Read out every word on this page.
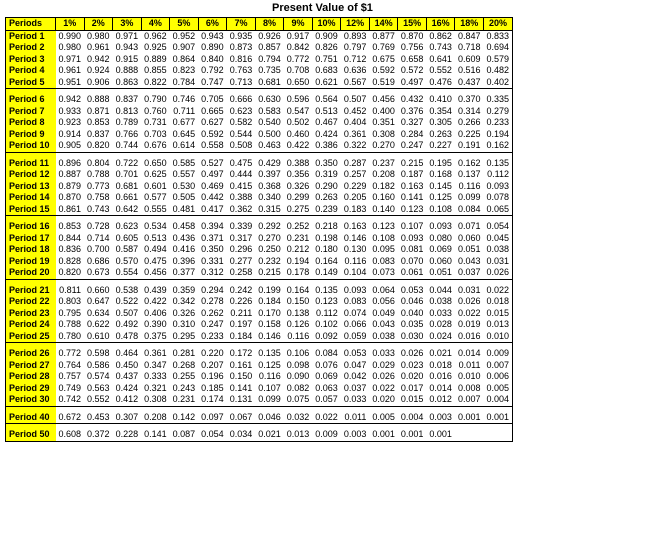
Present Value of $1
Periods	1%	2%	3%	4%	5%	6%	7%	8%	9%	10%	12%	14%	15%	16%	18%	20%
Period 1	0.990	0.980	0.971	0.962	0.952	0.943	0.935	0.926	0.917	0.909	0.893	0.877	0.870	0.862	0.847	0.833
Period 2	0.980	0.961	0.943	0.925	0.907	0.890	0.873	0.857	0.842	0.826	0.797	0.769	0.756	0.743	0.718	0.694
Period 3	0.971	0.942	0.915	0.889	0.864	0.840	0.816	0.794	0.772	0.751	0.712	0.675	0.658	0.641	0.609	0.579
Period 4	0.961	0.924	0.888	0.855	0.823	0.792	0.763	0.735	0.708	0.683	0.636	0.592	0.572	0.552	0.516	0.482
Period 5	0.951	0.906	0.863	0.822	0.784	0.747	0.713	0.681	0.650	0.621	0.567	0.519	0.497	0.476	0.437	0.402

Period 6	0.942	0.888	0.837	0.790	0.746	0.705	0.666	0.630	0.596	0.564	0.507	0.456	0.432	0.410	0.370	0.335
Period 7	0.933	0.871	0.813	0.760	0.711	0.665	0.623	0.583	0.547	0.513	0.452	0.400	0.376	0.354	0.314	0.279
Period 8	0.923	0.853	0.789	0.731	0.677	0.627	0.582	0.540	0.502	0.467	0.404	0.351	0.327	0.305	0.266	0.233
Period 9	0.914	0.837	0.766	0.703	0.645	0.592	0.544	0.500	0.460	0.424	0.361	0.308	0.284	0.263	0.225	0.194
Period 10	0.905	0.820	0.744	0.676	0.614	0.558	0.508	0.463	0.422	0.386	0.322	0.270	0.247	0.227	0.191	0.162

Period 11	0.896	0.804	0.722	0.650	0.585	0.527	0.475	0.429	0.388	0.350	0.287	0.237	0.215	0.195	0.162	0.135
Period 12	0.887	0.788	0.701	0.625	0.557	0.497	0.444	0.397	0.356	0.319	0.257	0.208	0.187	0.168	0.137	0.112
Period 13	0.879	0.773	0.681	0.601	0.530	0.469	0.415	0.368	0.326	0.290	0.229	0.182	0.163	0.145	0.116	0.093
Period 14	0.870	0.758	0.661	0.577	0.505	0.442	0.388	0.340	0.299	0.263	0.205	0.160	0.141	0.125	0.099	0.078
Period 15	0.861	0.743	0.642	0.555	0.481	0.417	0.362	0.315	0.275	0.239	0.183	0.140	0.123	0.108	0.084	0.065

Period 16	0.853	0.728	0.623	0.534	0.458	0.394	0.339	0.292	0.252	0.218	0.163	0.123	0.107	0.093	0.071	0.054
Period 17	0.844	0.714	0.605	0.513	0.436	0.371	0.317	0.270	0.231	0.198	0.146	0.108	0.093	0.080	0.060	0.045
Period 18	0.836	0.700	0.587	0.494	0.416	0.350	0.296	0.250	0.212	0.180	0.130	0.095	0.081	0.069	0.051	0.038
Period 19	0.828	0.686	0.570	0.475	0.396	0.331	0.277	0.232	0.194	0.164	0.116	0.083	0.070	0.060	0.043	0.031
Period 20	0.820	0.673	0.554	0.456	0.377	0.312	0.258	0.215	0.178	0.149	0.104	0.073	0.061	0.051	0.037	0.026

Period 21	0.811	0.660	0.538	0.439	0.359	0.294	0.242	0.199	0.164	0.135	0.093	0.064	0.053	0.044	0.031	0.022
Period 22	0.803	0.647	0.522	0.422	0.342	0.278	0.226	0.184	0.150	0.123	0.083	0.056	0.046	0.038	0.026	0.018
Period 23	0.795	0.634	0.507	0.406	0.326	0.262	0.211	0.170	0.138	0.112	0.074	0.049	0.040	0.033	0.022	0.015
Period 24	0.788	0.622	0.492	0.390	0.310	0.247	0.197	0.158	0.126	0.102	0.066	0.043	0.035	0.028	0.019	0.013
Period 25	0.780	0.610	0.478	0.375	0.295	0.233	0.184	0.146	0.116	0.092	0.059	0.038	0.030	0.024	0.016	0.010

Period 26	0.772	0.598	0.464	0.361	0.281	0.220	0.172	0.135	0.106	0.084	0.053	0.033	0.026	0.021	0.014	0.009
Period 27	0.764	0.586	0.450	0.347	0.268	0.207	0.161	0.125	0.098	0.076	0.047	0.029	0.023	0.018	0.011	0.007
Period 28	0.757	0.574	0.437	0.333	0.255	0.196	0.150	0.116	0.090	0.069	0.042	0.026	0.020	0.016	0.010	0.006
Period 29	0.749	0.563	0.424	0.321	0.243	0.185	0.141	0.107	0.082	0.063	0.037	0.022	0.017	0.014	0.008	0.005
Period 30	0.742	0.552	0.412	0.308	0.231	0.174	0.131	0.099	0.075	0.057	0.033	0.020	0.015	0.012	0.007	0.004

Period 40	0.672	0.453	0.307	0.208	0.142	0.097	0.067	0.046	0.032	0.022	0.011	0.005	0.004	0.003	0.001	0.001

Period 50	0.608	0.372	0.228	0.141	0.087	0.054	0.034	0.021	0.013	0.009	0.003	0.001	0.001	0.001		
